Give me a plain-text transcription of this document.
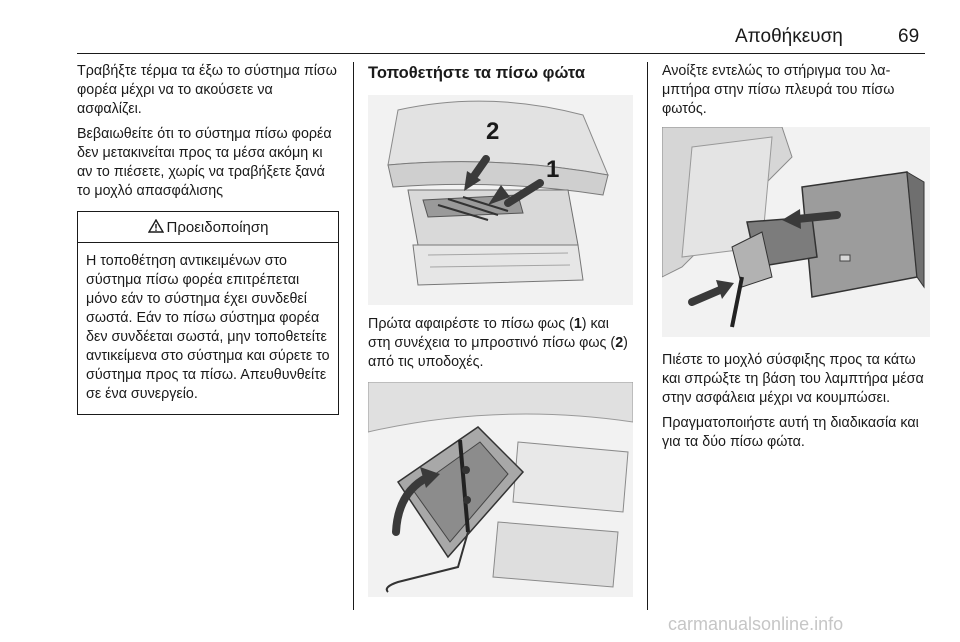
Αποθήκευση	69

Τραβήξτε τέρμα τα έξω το σύστημα πίσω φορέα μέχρι να το ακούσετε να ασφαλίζει.

Βεβαιωθείτε ότι το σύστημα πίσω φορέα δεν μετακινείται προς τα μέσα ακόμη κι αν το πιέσετε, χωρίς να τραβήξετε ξανά το μοχλό απασφάλισης

Προειδοποίηση
Η τοποθέτηση αντικειμένων στο σύστημα πίσω φορέα επιτρέπεται μόνο εάν το σύστημα έχει συνδεθεί σωστά. Εάν το πίσω σύστημα φορέα δεν συνδέεται σωστά, μην τοποθετείτε αντικείμενα στο σύστημα και σύρετε το σύστημα προς τα πίσω. Απευθυνθείτε σε ένα συνεργείο.
Τοποθετήστε τα πίσω φώτα
2
1

Πρώτα αφαιρέστε το πίσω φως (1) και στη συνέχεια το μπροστινό πίσω φως (2) από τις υποδοχές.

Ανοίξτε εντελώς το στήριγμα του λαμπτήρα στην πίσω πλευρά του πίσω φωτός.

Πιέστε το μοχλό σύσφιξης προς τα κάτω και σπρώξτε τη βάση του λαμπτήρα μέσα στην ασφάλεια μέχρι να κουμπώσει.

Πραγματοποιήστε αυτή τη διαδικασία και για τα δύο πίσω φώτα.

carmanualsonline.info
